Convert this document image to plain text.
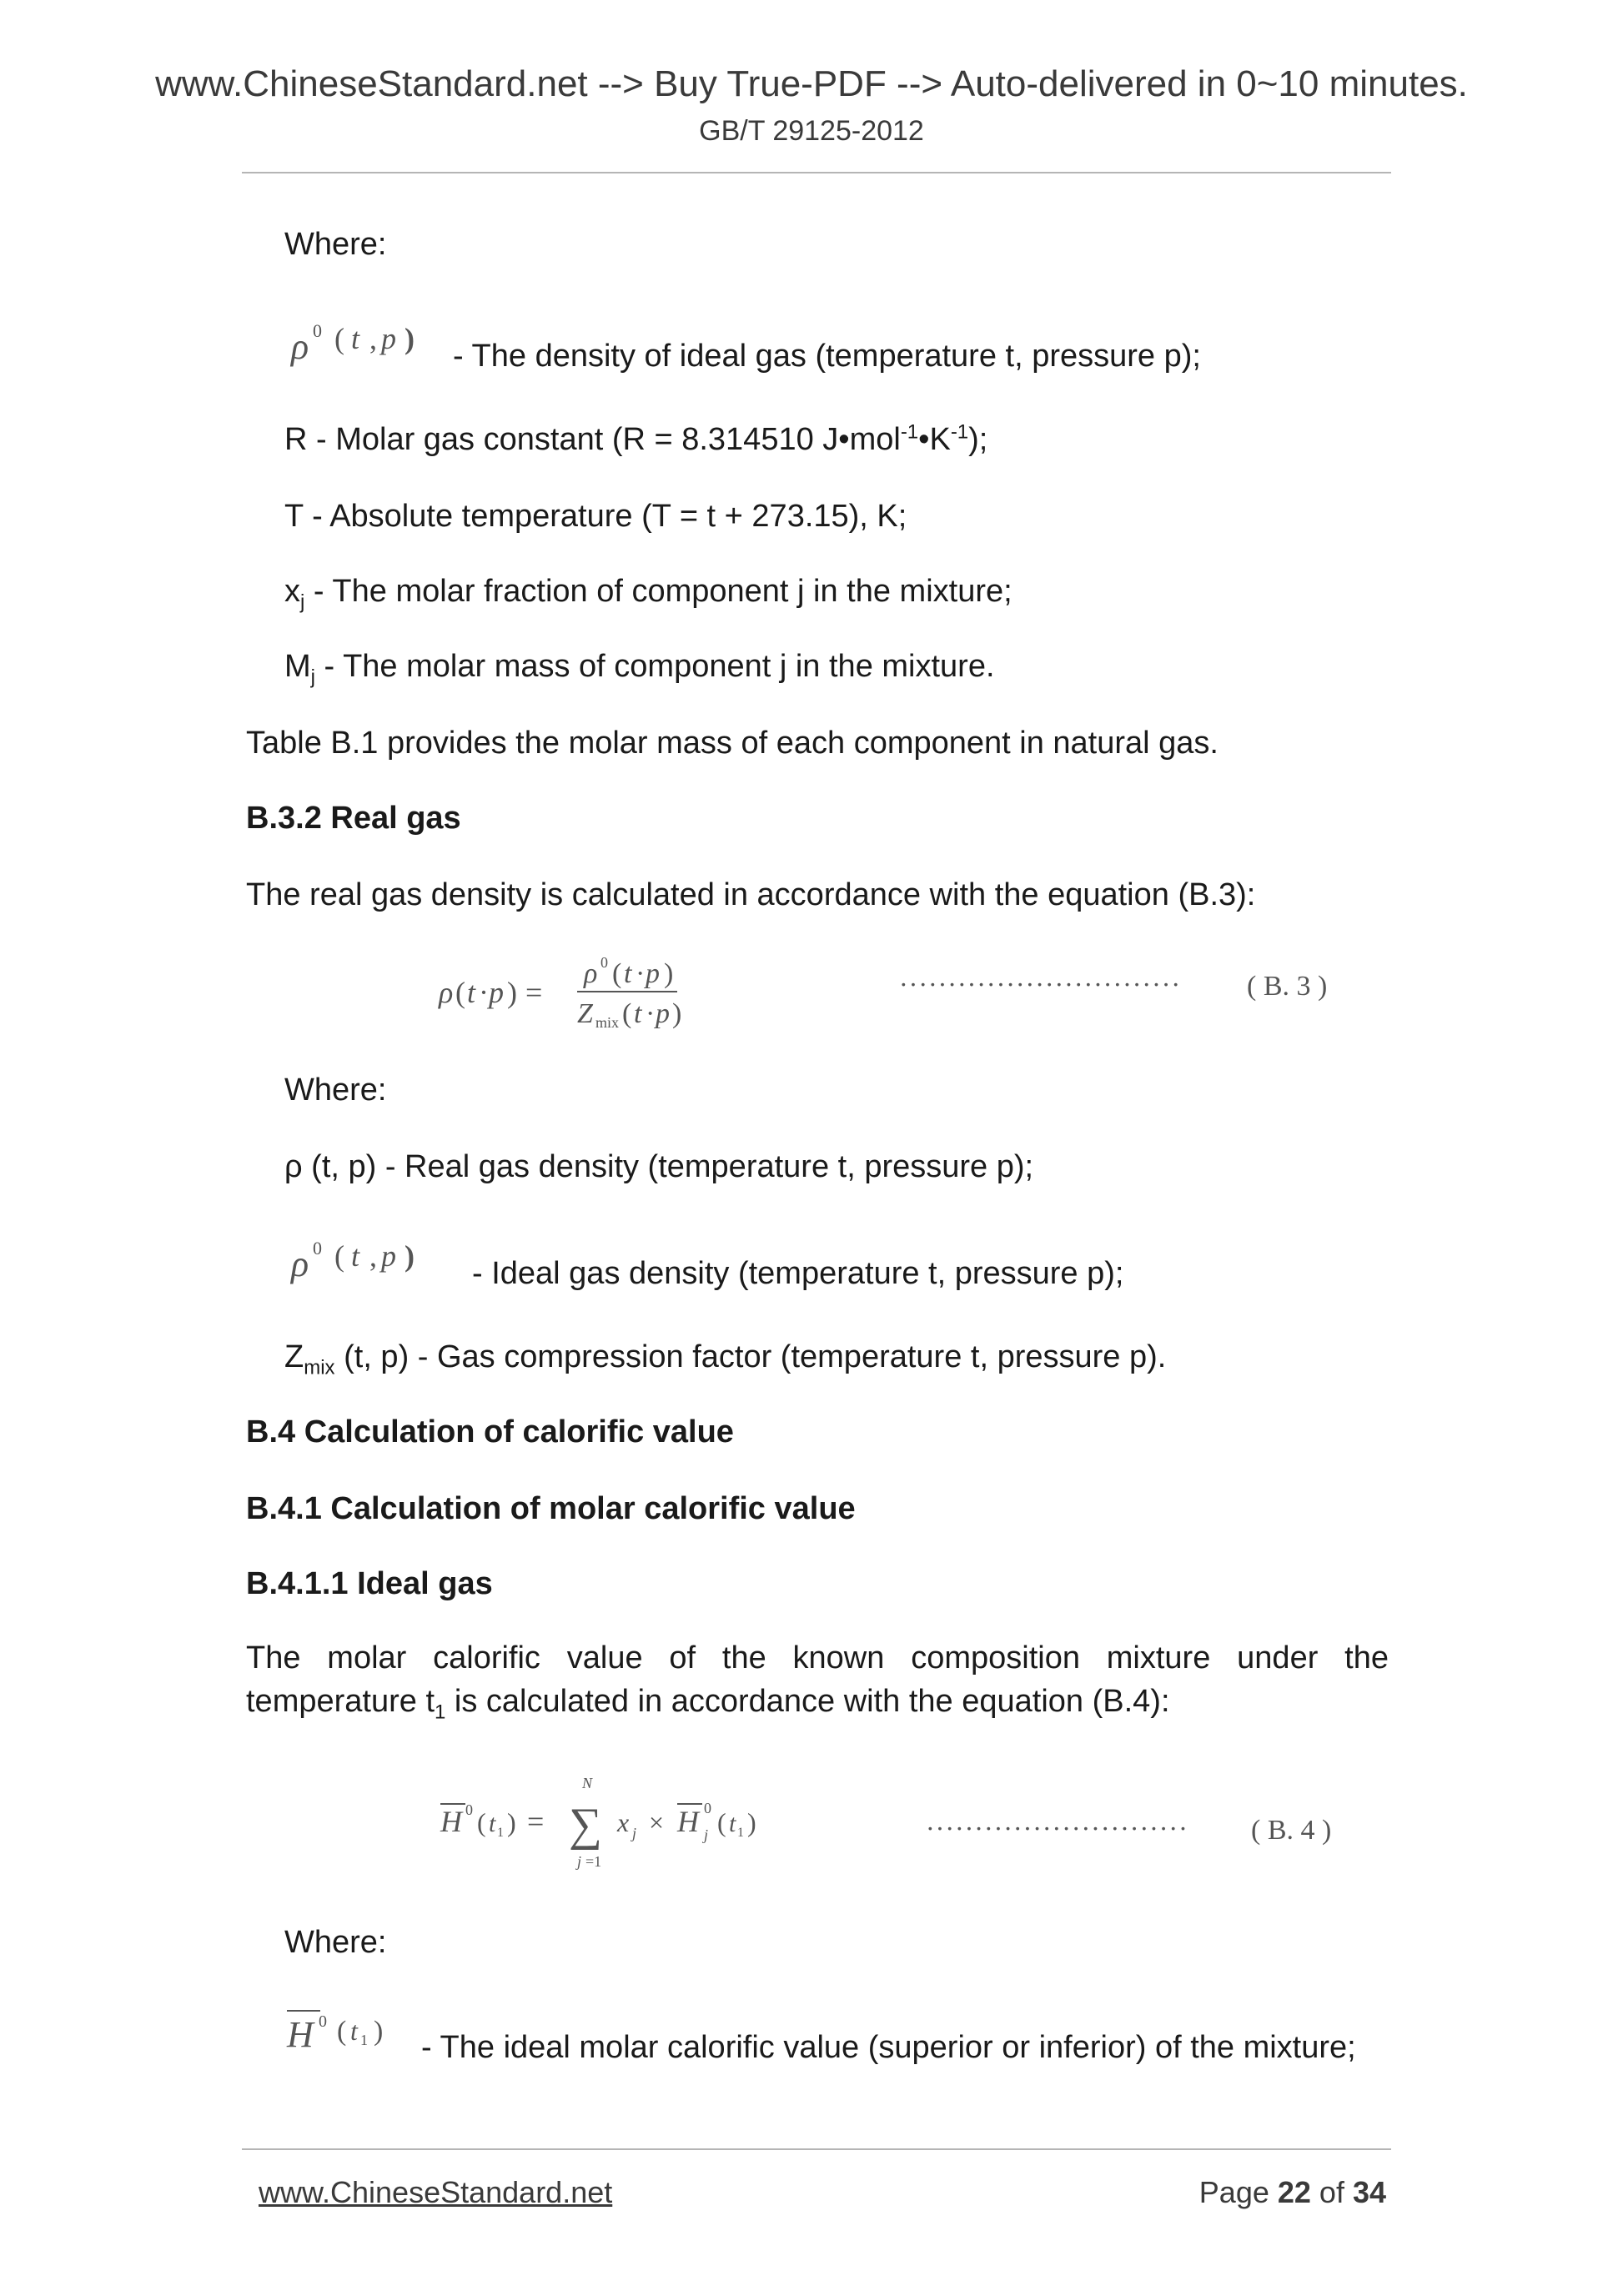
www.ChineseStandard.net --> Buy True-PDF --> Auto-delivered in 0~10 minutes.
GB/T 29125-2012
Where:
ρ 0 ( t , p ) - The density of ideal gas (temperature t, pressure p);
R - Molar gas constant (R = 8.314510 $J•mol^{-1}•K^{-1}$);
T - Absolute temperature (T = t + 273.15), K;
$x_j$ - The molar fraction of component j in the mixture;
$M_j$ - The molar mass of component j in the mixture.
Table B.1 provides the molar mass of each component in natural gas.
B.3.2 Real gas
The real gas density is calculated in accordance with the equation (B.3):
ρ ( t · p ) =
ρ 0 ( t · p )
Z mix ( t · p )
····························· ( B. 3 )
Where:
ρ (t, p) - Real gas density (temperature t, pressure p);
ρ 0 ( t , p ) - Ideal gas density (temperature t, pressure p);
$Z_{mix}$ (t, p) - Gas compression factor (temperature t, pressure p).
B.4 Calculation of calorific value
B.4.1 Calculation of molar calorific value
B.4.1.1 Ideal gas
The molar calorific value of the known composition mixture under the
temperature $t_1$ is calculated in accordance with the equation (B.4):
H 0 ( t 1 ) =
N
∑
j =1
x j × H 0
j ( t 1 )	··························· ( B. 4 )
Where:
H 0 ( t 1 ) - The ideal molar calorific value (superior or inferior) of the mixture;
www.ChineseStandard.net	Page 22 of 34
